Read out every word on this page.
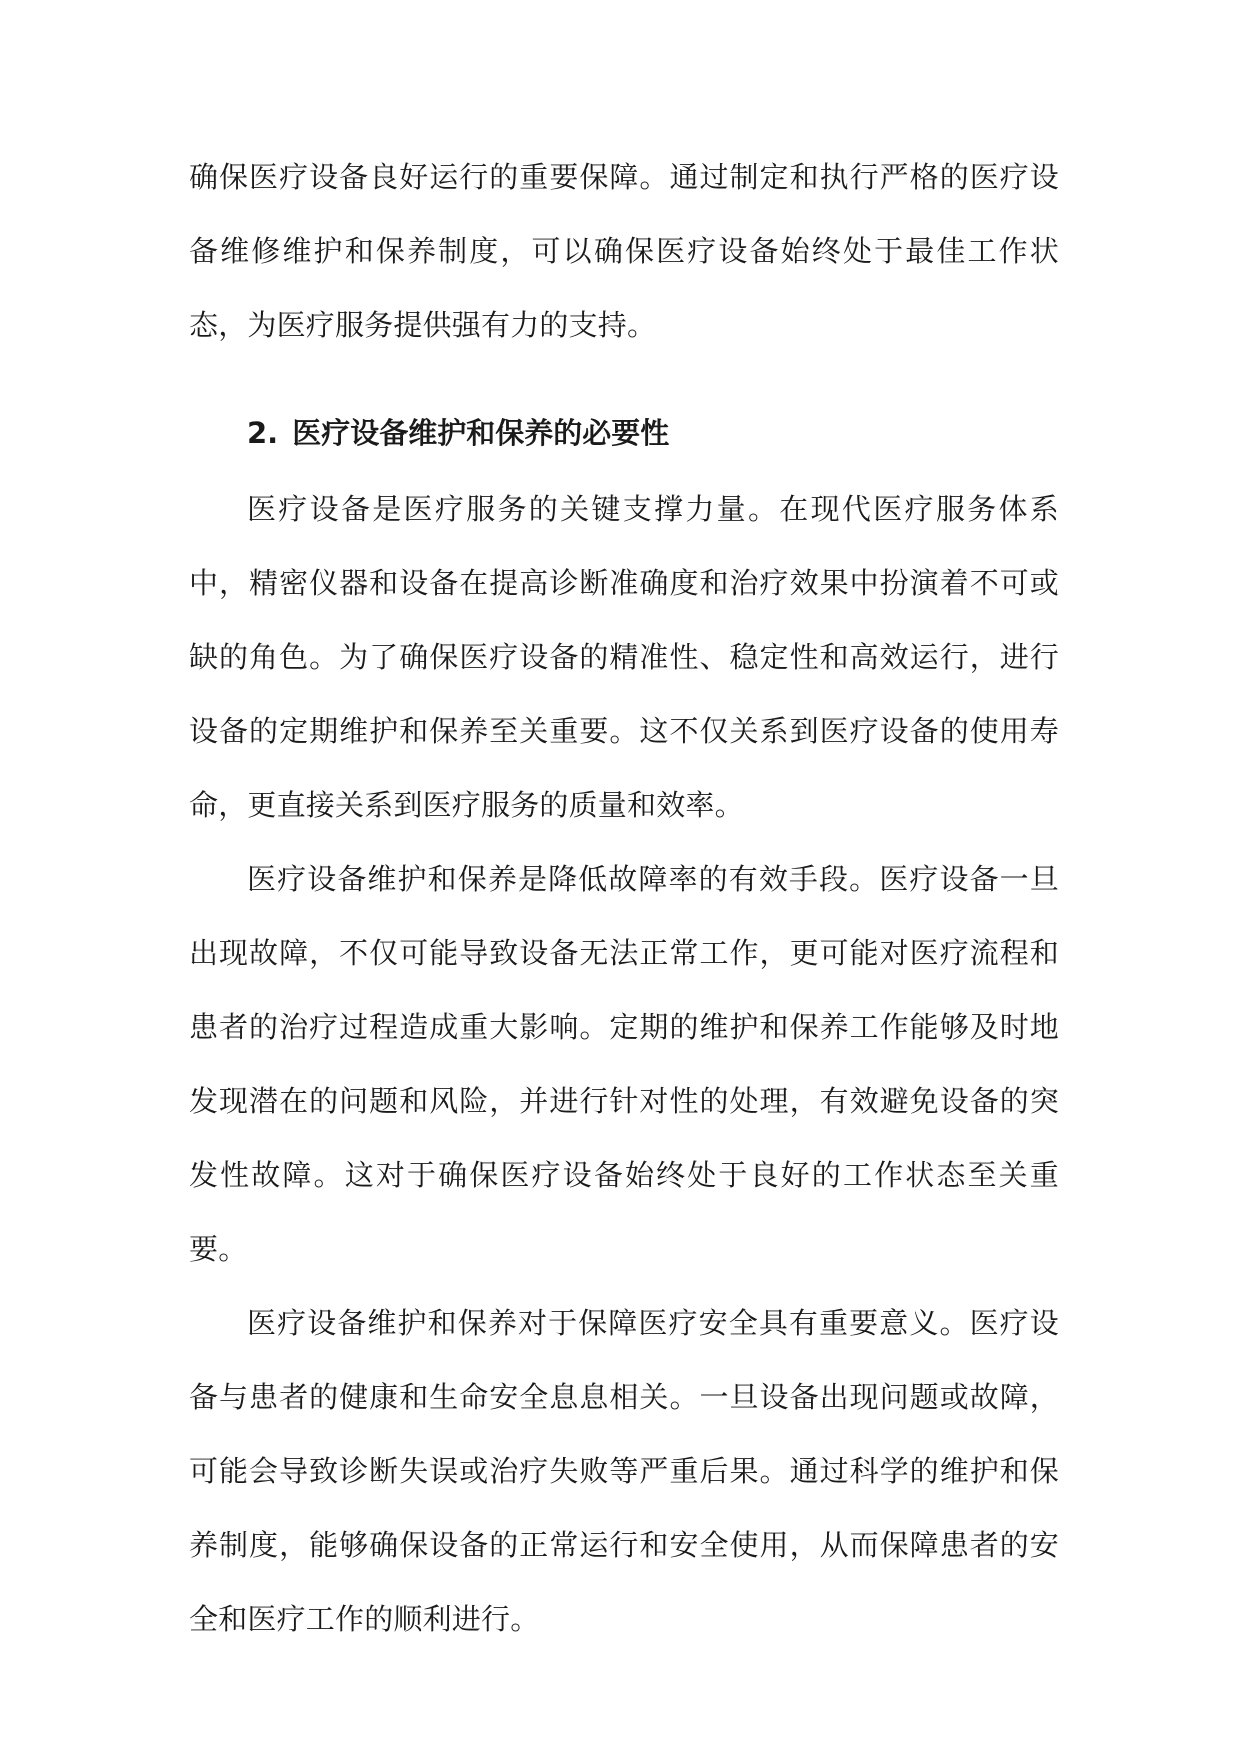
确保医疗设备良好运行的重要保障。通过制定和执行严格的医疗设备维修维护和保养制度，可以确保医疗设备始终处于最佳工作状态，为医疗服务提供强有力的支持。

2. 医疗设备维护和保养的必要性

医疗设备是医疗服务的关键支撑力量。在现代医疗服务体系中，精密仪器和设备在提高诊断准确度和治疗效果中扮演着不可或缺的角色。为了确保医疗设备的精准性、稳定性和高效运行，进行设备的定期维护和保养至关重要。这不仅关系到医疗设备的使用寿命，更直接关系到医疗服务的质量和效率。

医疗设备维护和保养是降低故障率的有效手段。医疗设备一旦出现故障，不仅可能导致设备无法正常工作，更可能对医疗流程和患者的治疗过程造成重大影响。定期的维护和保养工作能够及时地发现潜在的问题和风险，并进行针对性的处理，有效避免设备的突发性故障。这对于确保医疗设备始终处于良好的工作状态至关重要。

医疗设备维护和保养对于保障医疗安全具有重要意义。医疗设备与患者的健康和生命安全息息相关。一旦设备出现问题或故障，可能会导致诊断失误或治疗失败等严重后果。通过科学的维护和保养制度，能够确保设备的正常运行和安全使用，从而保障患者的安全和医疗工作的顺利进行。
